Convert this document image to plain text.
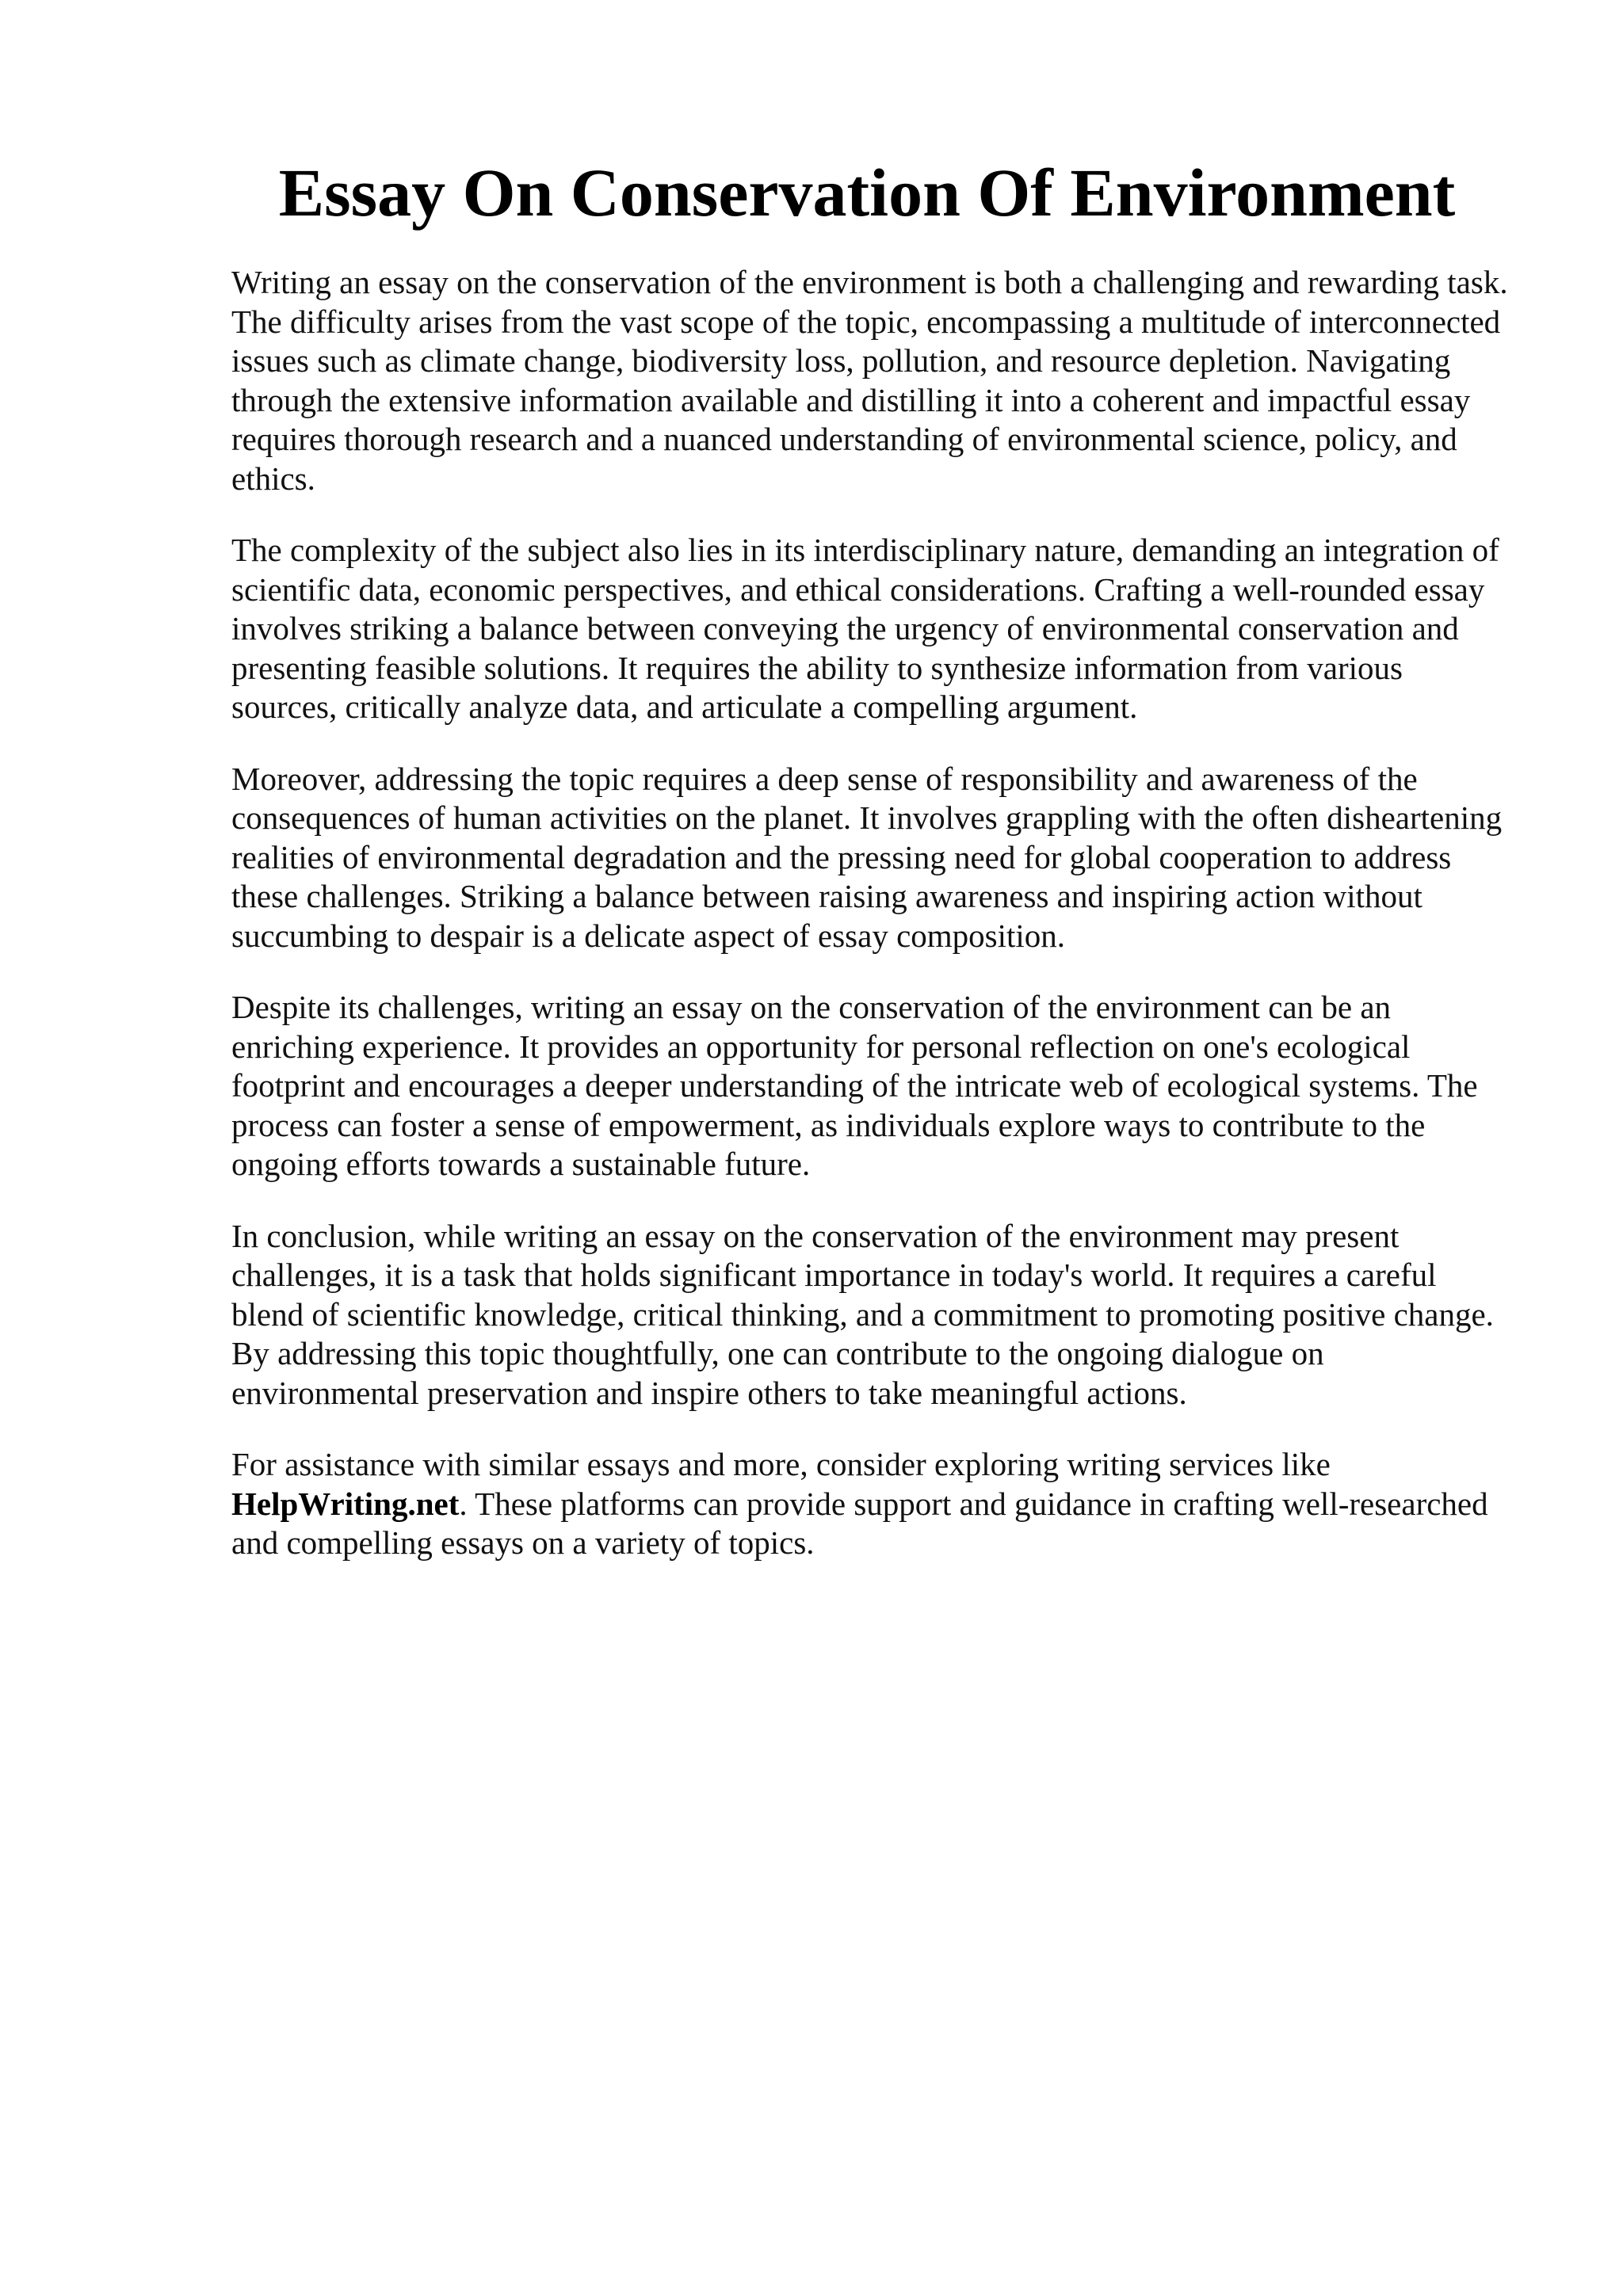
Essay On Conservation Of Environment

Writing an essay on the conservation of the environment is both a challenging and rewarding task. The difficulty arises from the vast scope of the topic, encompassing a multitude of interconnected issues such as climate change, biodiversity loss, pollution, and resource depletion. Navigating through the extensive information available and distilling it into a coherent and impactful essay requires thorough research and a nuanced understanding of environmental science, policy, and ethics.

The complexity of the subject also lies in its interdisciplinary nature, demanding an integration of scientific data, economic perspectives, and ethical considerations. Crafting a well-rounded essay involves striking a balance between conveying the urgency of environmental conservation and presenting feasible solutions. It requires the ability to synthesize information from various sources, critically analyze data, and articulate a compelling argument.

Moreover, addressing the topic requires a deep sense of responsibility and awareness of the consequences of human activities on the planet. It involves grappling with the often disheartening realities of environmental degradation and the pressing need for global cooperation to address these challenges. Striking a balance between raising awareness and inspiring action without succumbing to despair is a delicate aspect of essay composition.

Despite its challenges, writing an essay on the conservation of the environment can be an enriching experience. It provides an opportunity for personal reflection on one's ecological footprint and encourages a deeper understanding of the intricate web of ecological systems. The process can foster a sense of empowerment, as individuals explore ways to contribute to the ongoing efforts towards a sustainable future.

In conclusion, while writing an essay on the conservation of the environment may present challenges, it is a task that holds significant importance in today's world. It requires a careful blend of scientific knowledge, critical thinking, and a commitment to promoting positive change. By addressing this topic thoughtfully, one can contribute to the ongoing dialogue on environmental preservation and inspire others to take meaningful actions.

For assistance with similar essays and more, consider exploring writing services like HelpWriting.net. These platforms can provide support and guidance in crafting well-researched and compelling essays on a variety of topics.
